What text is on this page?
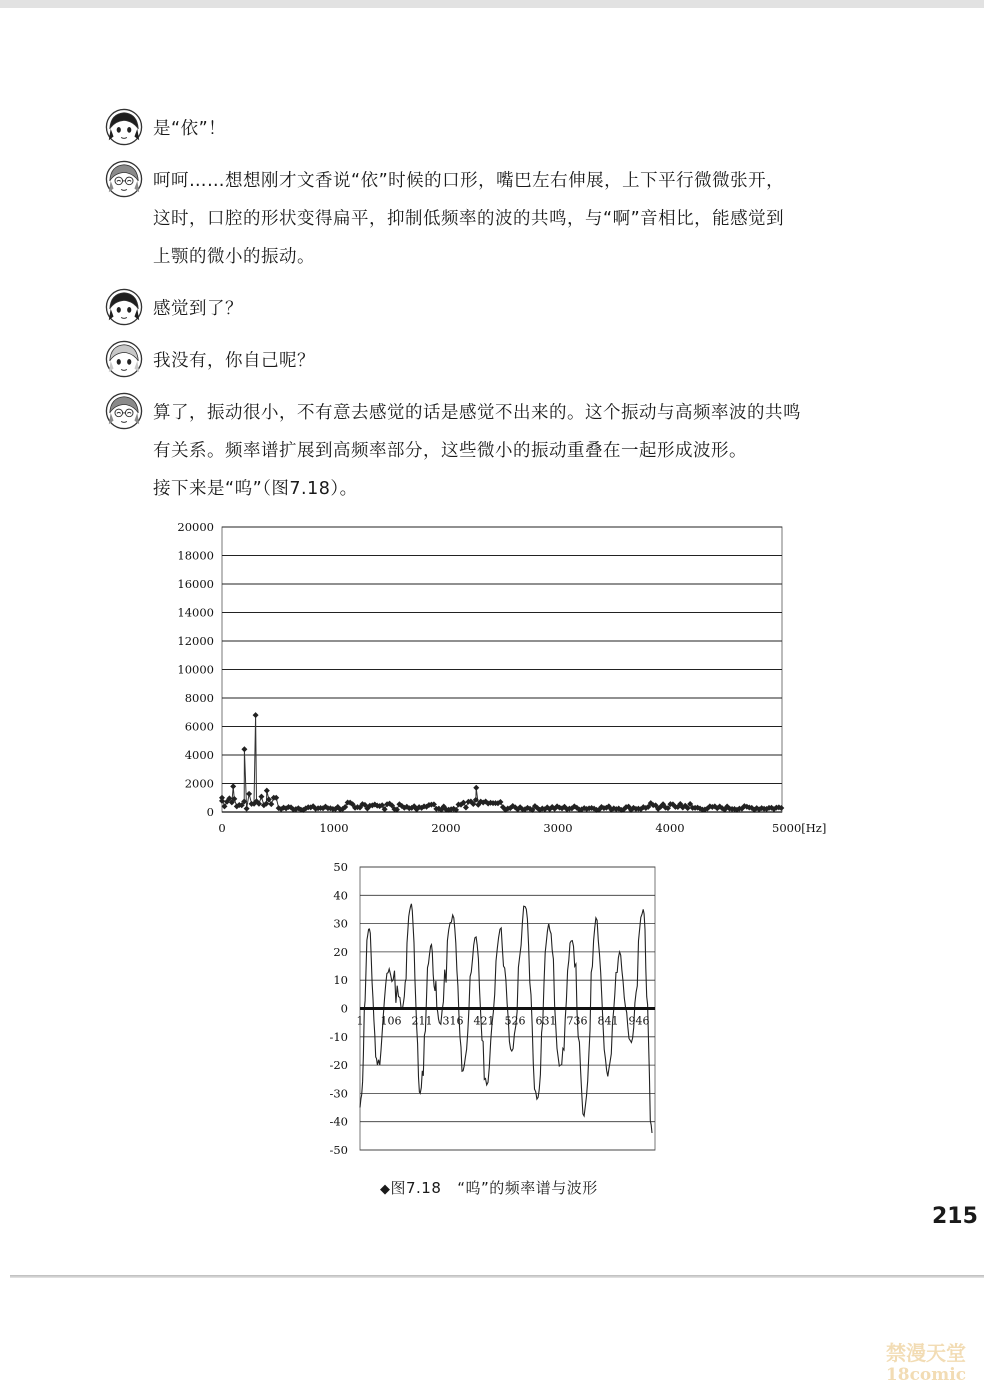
是“依”！
呵呵……想想刚才文香说“依”时候的口形，嘴巴左右伸展，上下平行微微张开，
这时，口腔的形状变得扁平，抑制低频率的波的共鸣，与“啊”音相比，能感觉到
上颚的微小的振动。
感觉到了？
我没有，你自己呢？
算了，振动很小，不有意去感觉的话是感觉不出来的。这个振动与高频率波的共鸣
有关系。频率谱扩展到高频率部分，这些微小的振动重叠在一起形成波形。
接下来是“呜”（图7.18）。
0
2000
4000
6000
8000
10000
12000
14000
16000
18000
20000
0	1000	2000	3000	4000	5000[Hz]
50
40
30
20
10
0
-10
-20
-30
-40
-50
1 106 211 316 421 526 631 736 841 946
◆图7.18 “呜”的频率谱与波形
215
禁漫天堂
18comic
